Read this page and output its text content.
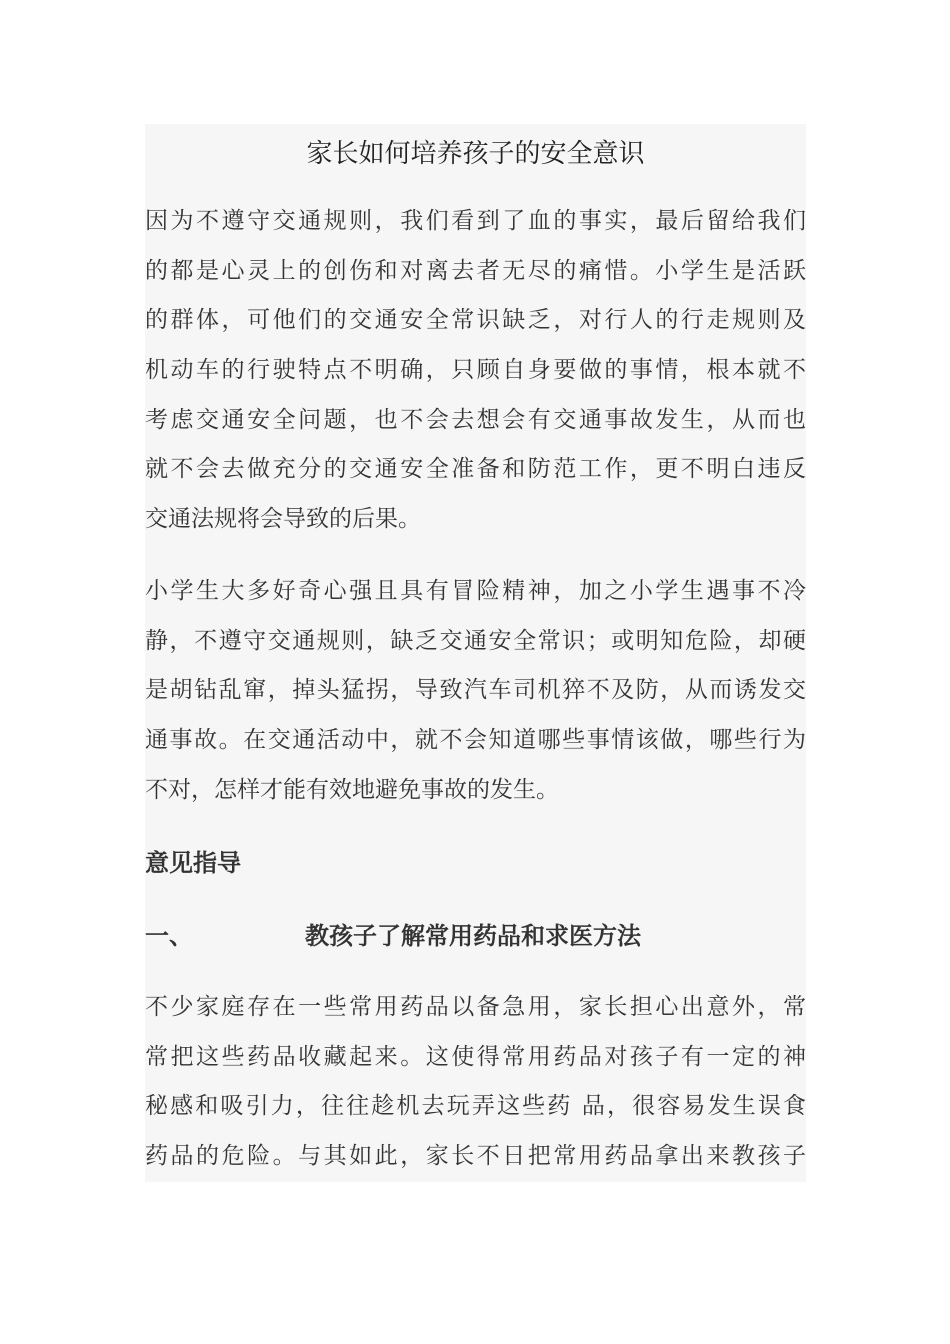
家长如何培养孩子的安全意识
因为不遵守交通规则，我们看到了血的事实，最后留给我们
的都是心灵上的创伤和对离去者无尽的痛惜。小学生是活跃
的群体，可他们的交通安全常识缺乏，对行人的行走规则及
机动车的行驶特点不明确，只顾自身要做的事情，根本就不
考虑交通安全问题，也不会去想会有交通事故发生，从而也
就不会去做充分的交通安全准备和防范工作，更不明白违反
交通法规将会导致的后果。
小学生大多好奇心强且具有冒险精神，加之小学生遇事不冷
静，不遵守交通规则，缺乏交通安全常识；或明知危险，却硬
是胡钻乱窜，掉头猛拐，导致汽车司机猝不及防，从而诱发交
通事故。在交通活动中，就不会知道哪些事情该做，哪些行为
不对，怎样才能有效地避免事故的发生。
意见指导
一、	教孩子了解常用药品和求医方法
不少家庭存在一些常用药品以备急用，家长担心出意外，常
常把这些药品收藏起来。这使得常用药品对孩子有一定的神
秘感和吸引力，往往趁机去玩弄这些药 品，很容易发生误食
药品的危险。与其如此，家长不日把常用药品拿出来教孩子
